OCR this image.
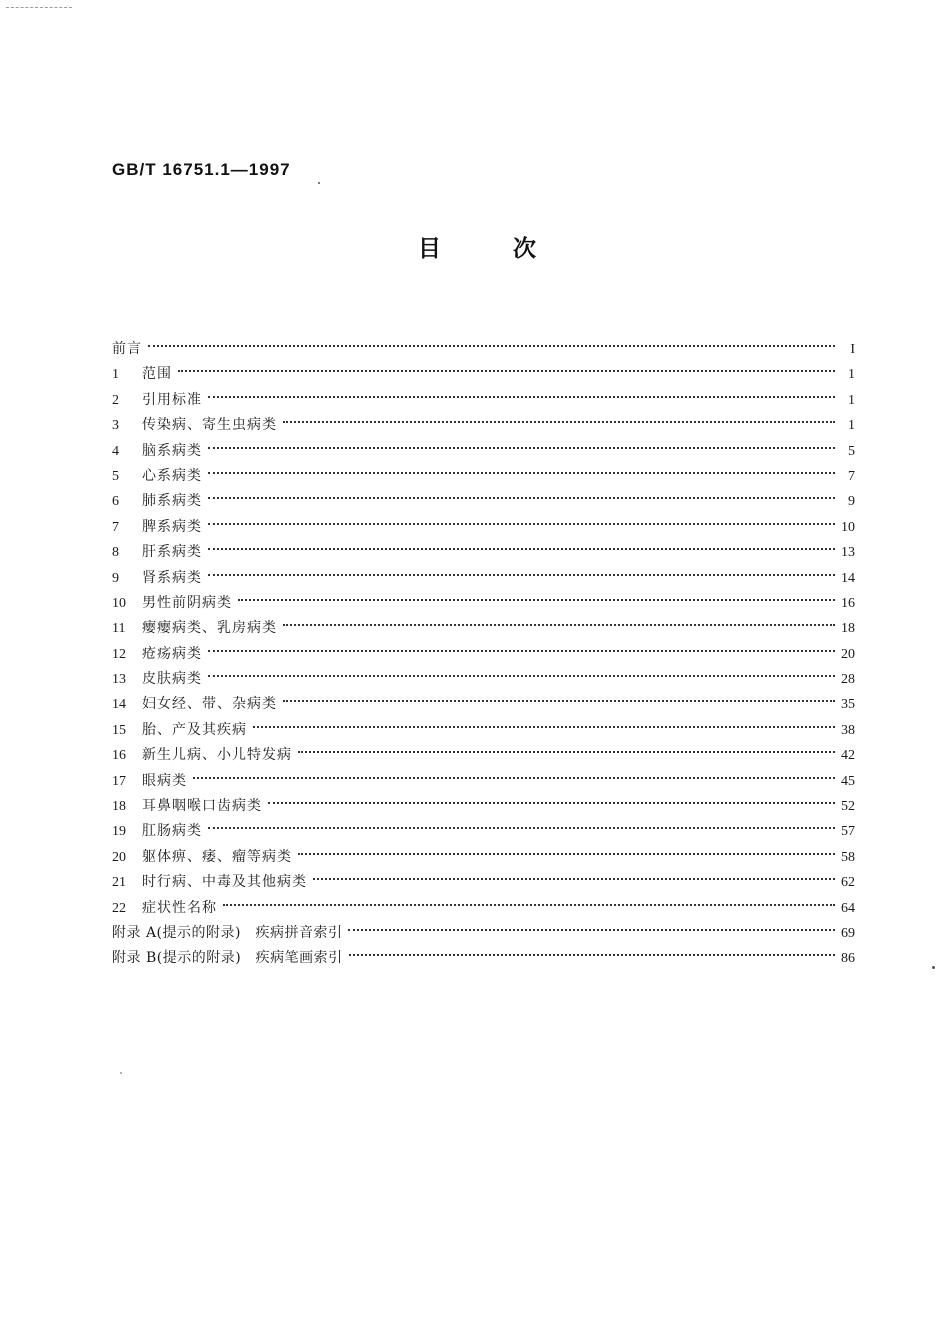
GB/T 16751.1—1997
目次
前言	I
1	范围	1
2	引用标准	1
3	传染病、寄生虫病类	1
4	脑系病类	5
5	心系病类	7
6	肺系病类	9
7	脾系病类	10
8	肝系病类	13
9	肾系病类	14
10	男性前阴病类	16
11	瘿瘿病类、乳房病类	18
12	疮疡病类	20
13	皮肤病类	28
14	妇女经、带、杂病类	35
15	胎、产及其疾病	38
16	新生儿病、小儿特发病	42
17	眼病类	45
18	耳鼻咽喉口齿病类	52
19	肛肠病类	57
20	躯体痹、痿、瘤等病类	58
21	时行病、中毒及其他病类	62
22	症状性名称	64
附录 A(提示的附录)　疾病拼音索引	69
附录 B(提示的附录)　疾病笔画索引	86
